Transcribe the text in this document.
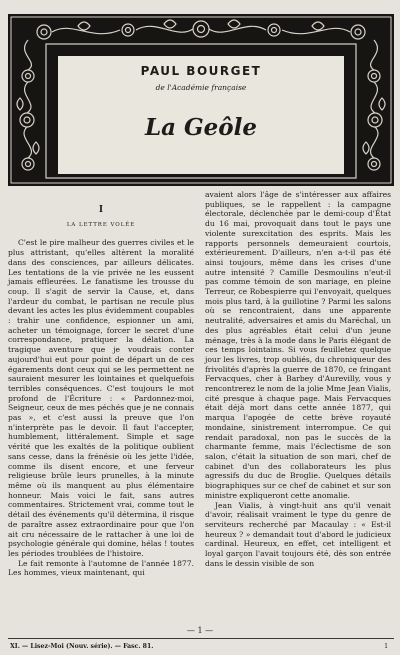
PAUL BOURGET
de l'Académie française
La Geôle
I
LA LETTRE VOLÉE

C'est le pire malheur des guerres civiles et le plus attristant, qu'elles altèrent la moralité dans des consciences, par ailleurs délicates. Les tentations de la vie privée ne les eussent jamais effleurées. Le fanatisme les trousse du coup. Il s'agit de servir la Cause, et, dans l'ardeur du combat, le partisan ne recule plus devant les actes les plus évidemment coupables : trahir une confidence, espionner un ami, acheter un témoignage, forcer le secret d'une correspondance, pratiquer la délation. La tragique aventure que je voudrais conter aujourd'hui eut pour point de départ un de ces égarements dont ceux qui se les permettent ne sauraient mesurer les lointaines et quelquefois terribles conséquences. C'est toujours le mot profond de l'Écriture : « Pardonnez-moi, Seigneur, ceux de mes péchés que je ne connais pas », et c'est aussi la preuve que l'on n'interprète pas le devoir. Il faut l'accepter, humblement, littéralement. Simple et sage vérité que les exaltés de la politique oublient sans cesse, dans la frénésie où les jette l'idée, comme ils disent encore, et une ferveur religieuse brûle leurs prunelles, à la minute même où ils manquent au plus élémentaire honneur. Mais voici le fait, sans autres commentaires. Strictement vrai, comme tout le détail des événements qu'il détermina, il risque de paraître assez extraordinaire pour que l'on ait cru nécessaire de le rattacher à une loi de psychologie générale qui domine, hélas ! toutes les périodes troublées de l'histoire.

Le fait remonte à l'automne de l'année 1877. Les hommes, vieux maintenant, qui

avaient alors l'âge de s'intéresser aux affaires publiques, se le rappellent : la campagne électorale, déclenchée par le demi-coup d'État du 16 mai, provoquait dans tout le pays une violente surexcitation des esprits. Mais les rapports personnels demeuraient courtois, extérieurement. D'ailleurs, n'en a-t-il pas été ainsi toujours, même dans les crises d'une autre intensité ? Camille Desmoulins n'eut-il pas comme témoin de son mariage, en pleine Terreur, ce Robespierre qui l'envoyait, quelques mois plus tard, à la guillotine ? Parmi les salons où se rencontraient, dans une apparente neutralité, adversaires et amis du Maréchal, un des plus agréables était celui d'un jeune ménage, très à la mode dans le Paris élégant de ces temps lointains. Si vous feuilletez quelque jour les livres, trop oubliés, du chroniqueur des frivolités d'après la guerre de 1870, ce fringant Fervacques, cher à Barbey d'Aurevilly, vous y rencontrerez le nom de la jolie Mme Jean Vialis, cité presque à chaque page. Mais Fervacques était déjà mort dans cette année 1877, qui marqua l'apogée de cette brève royauté mondaine, sinistrement interrompue. Ce qui rendait paradoxal, non pas le succès de la charmante femme, mais l'éclectisme de son salon, c'était la situation de son mari, chef de cabinet d'un des collaborateurs les plus agressifs du duc de Broglie. Quelques détails biographiques sur ce chef de cabinet et sur son ministre expliqueront cette anomalie.

Jean Vialis, à vingt-huit ans qu'il venait d'avoir, réalisait vraiment le type du genre de serviteurs recherché par Macaulay : « Est-il heureux ? » demandait tout d'abord le judicieux cardinal. Heureux, en effet, cet intelligent et loyal garçon l'avait toujours été, dès son entrée dans le dessin visible de son

— 1 —
XI. — Lisez-Moi (Nouv. série). — Fasc. 81.	1
